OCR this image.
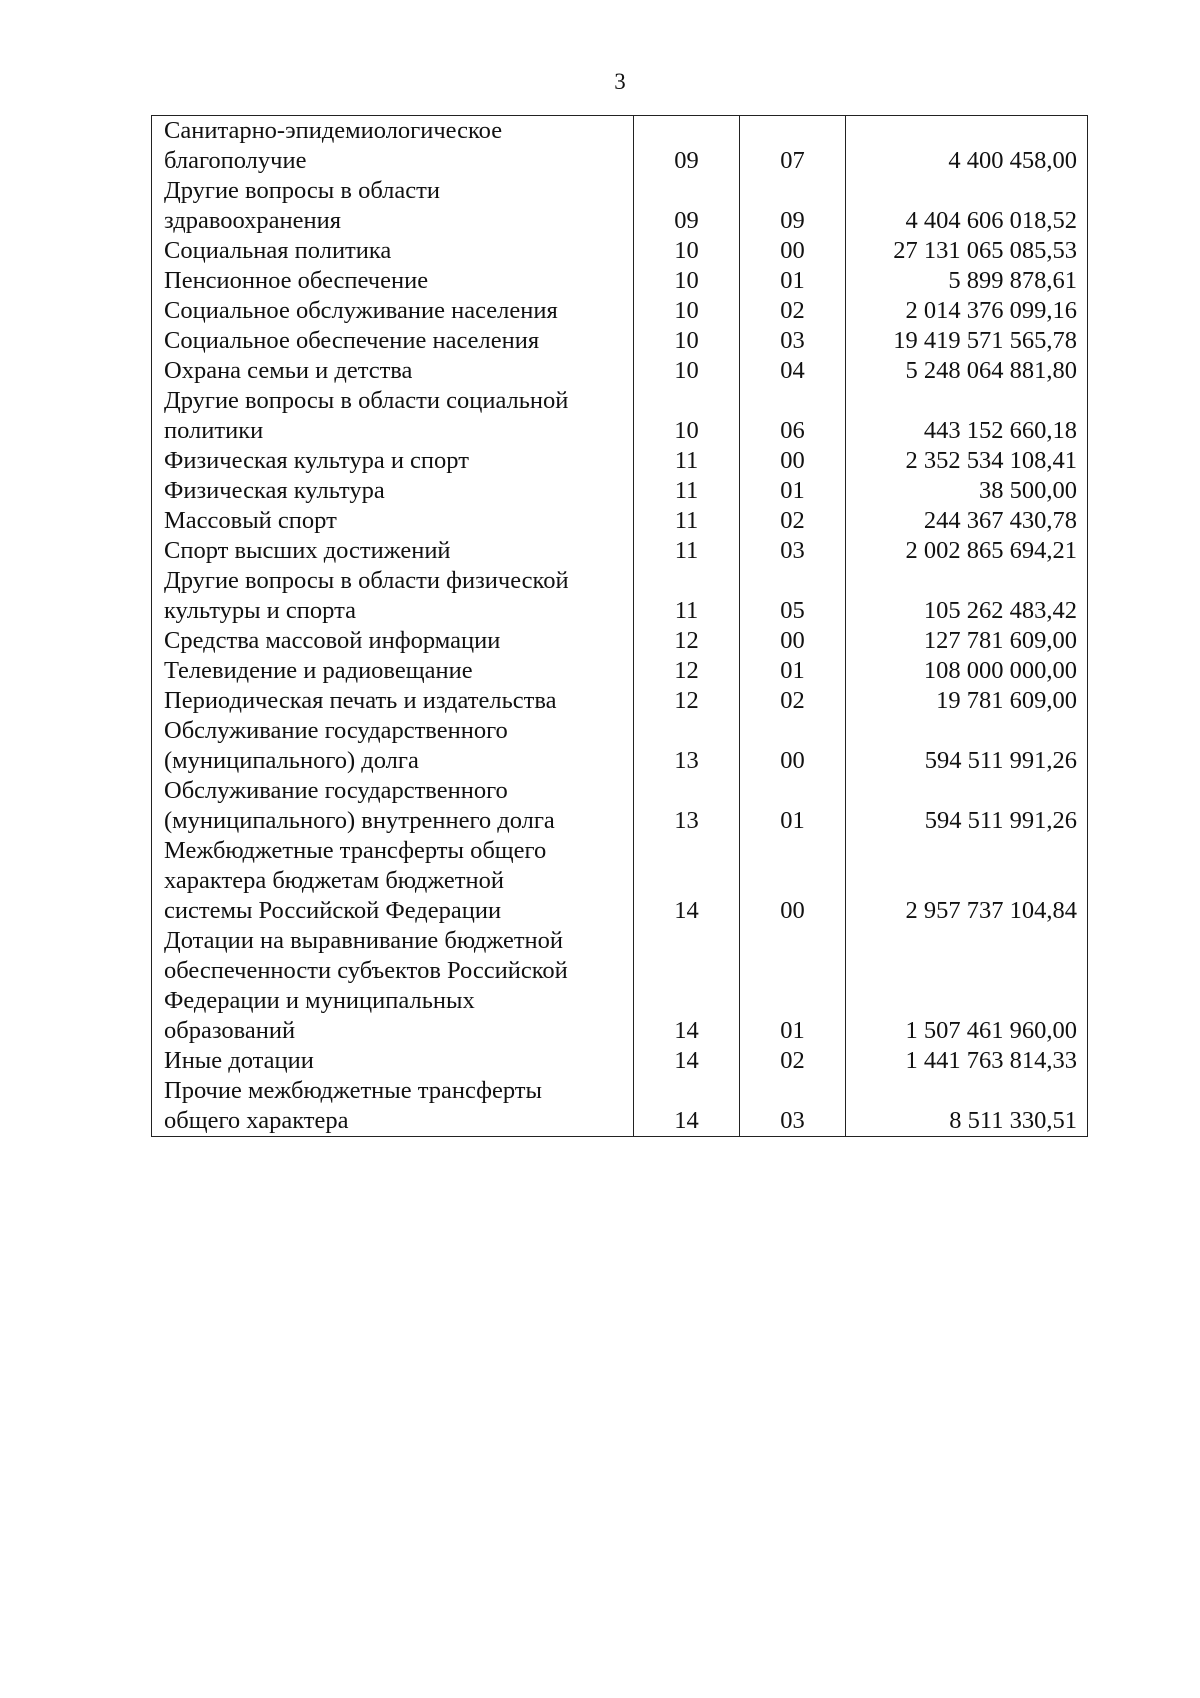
3
Санитарно-эпидемиологическое
благополучие	09	07	4 400 458,00
Другие вопросы в области
здравоохранения	09	09	4 404 606 018,52
Социальная политика	10	00	27 131 065 085,53
Пенсионное обеспечение	10	01	5 899 878,61
Социальное обслуживание населения	10	02	2 014 376 099,16
Социальное обеспечение населения	10	03	19 419 571 565,78
Охрана семьи и детства	10	04	5 248 064 881,80
Другие вопросы в области социальной
политики	10	06	443 152 660,18
Физическая культура и спорт	11	00	2 352 534 108,41
Физическая культура	11	01	38 500,00
Массовый спорт	11	02	244 367 430,78
Спорт высших достижений	11	03	2 002 865 694,21
Другие вопросы в области физической
культуры и спорта	11	05	105 262 483,42
Средства массовой информации	12	00	127 781 609,00
Телевидение и радиовещание	12	01	108 000 000,00
Периодическая печать и издательства	12	02	19 781 609,00
Обслуживание государственного
(муниципального) долга	13	00	594 511 991,26
Обслуживание государственного
(муниципального) внутреннего долга	13	01	594 511 991,26
Межбюджетные трансферты общего
характера бюджетам бюджетной
системы Российской Федерации	14	00	2 957 737 104,84
Дотации на выравнивание бюджетной
обеспеченности субъектов Российской
Федерации и муниципальных
образований	14	01	1 507 461 960,00
Иные дотации	14	02	1 441 763 814,33
Прочие межбюджетные трансферты
общего характера	14	03	8 511 330,51
